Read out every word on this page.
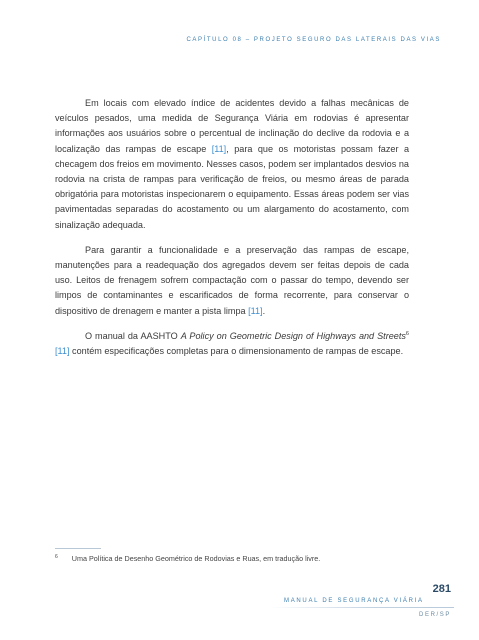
CAPÍTULO 08 – PROJETO SEGURO DAS LATERAIS DAS VIAS

Em locais com elevado índice de acidentes devido a falhas mecânicas de veículos pesados, uma medida de Segurança Viária em rodovias é apresentar informações aos usuários sobre o percentual de inclinação do declive da rodovia e a localização das rampas de escape [11], para que os motoristas possam fazer a checagem dos freios em movimento. Nesses casos, podem ser implantados desvios na rodovia na crista de rampas para verificação de freios, ou mesmo áreas de parada obrigatória para motoristas inspecionarem o equipamento. Essas áreas podem ser vias pavimentadas separadas do acostamento ou um alargamento do acostamento, com sinalização adequada.

Para garantir a funcionalidade e a preservação das rampas de escape, manutenções para a readequação dos agregados devem ser feitas depois de cada uso. Leitos de frenagem sofrem compactação com o passar do tempo, devendo ser limpos de contaminantes e escarificados de forma recorrente, para conservar o dispositivo de drenagem e manter a pista limpa [11].

O manual da AASHTO A Policy on Geometric Design of Highways and Streets$^6$ [11] contém especificações completas para o dimensionamento de rampas de escape.

$^6$ Uma Política de Desenho Geométrico de Rodovias e Ruas, em tradução livre.
281
MANUAL DE SEGURANÇA VIÁRIA
DER/SP
